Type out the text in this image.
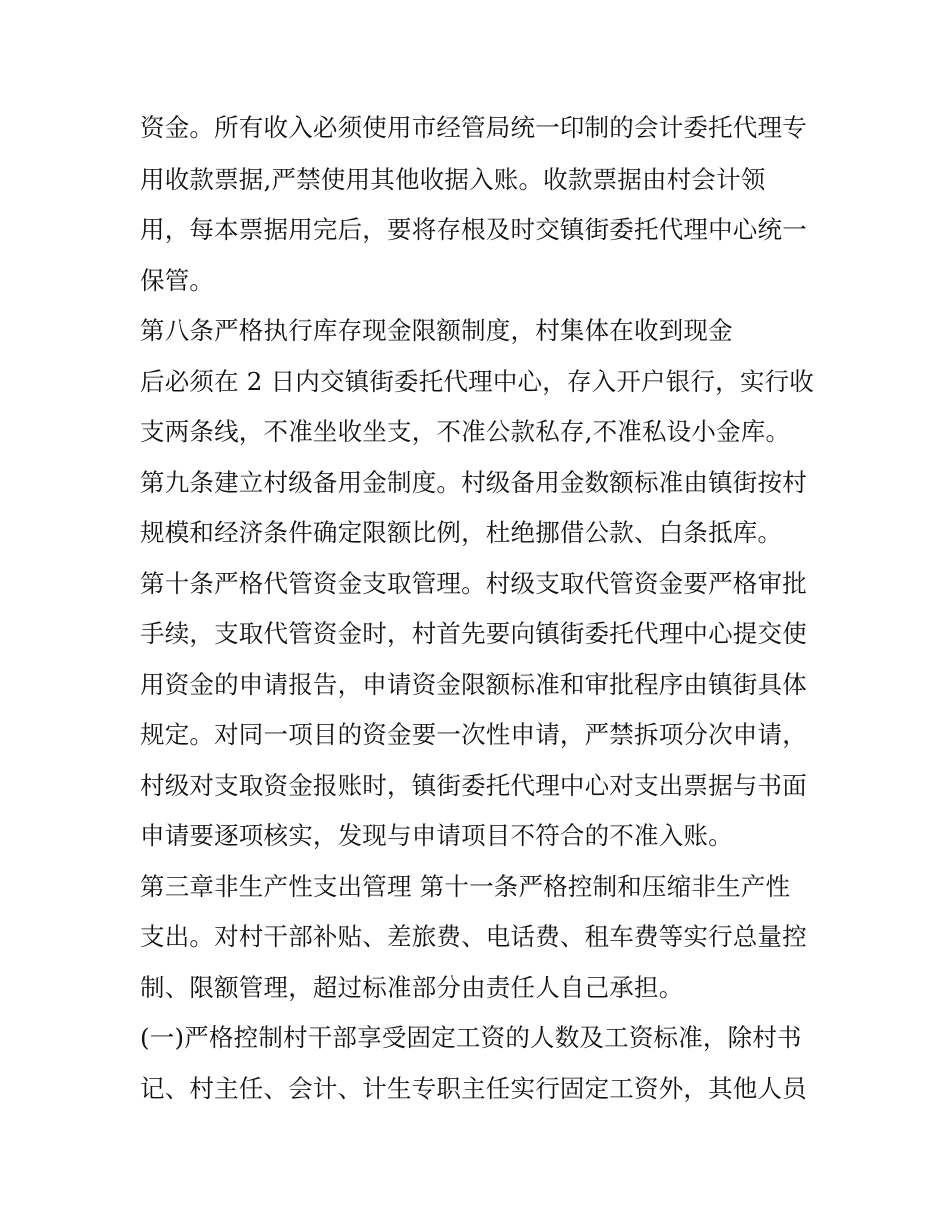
资金。所有收入必须使用市经管局统一印制的会计委托代理专
用收款票据,严禁使用其他收据入账。收款票据由村会计领
用，每本票据用完后，要将存根及时交镇街委托代理中心统一
保管。
第八条严格执行库存现金限额制度，村集体在收到现金
后必须在 2 日内交镇街委托代理中心，存入开户银行，实行收
支两条线，不准坐收坐支，不准公款私存,不准私设小金库。
第九条建立村级备用金制度。村级备用金数额标准由镇街按村
规模和经济条件确定限额比例，杜绝挪借公款、白条抵库。
第十条严格代管资金支取管理。村级支取代管资金要严格审批
手续，支取代管资金时，村首先要向镇街委托代理中心提交使
用资金的申请报告，申请资金限额标准和审批程序由镇街具体
规定。对同一项目的资金要一次性申请，严禁拆项分次申请，
村级对支取资金报账时，镇街委托代理中心对支出票据与书面
申请要逐项核实，发现与申请项目不符合的不准入账。
第三章非生产性支出管理 第十一条严格控制和压缩非生产性
支出。对村干部补贴、差旅费、电话费、租车费等实行总量控
制、限额管理，超过标准部分由责任人自己承担。
(一)严格控制村干部享受固定工资的人数及工资标准，除村书
记、村主任、会计、计生专职主任实行固定工资外，其他人员
